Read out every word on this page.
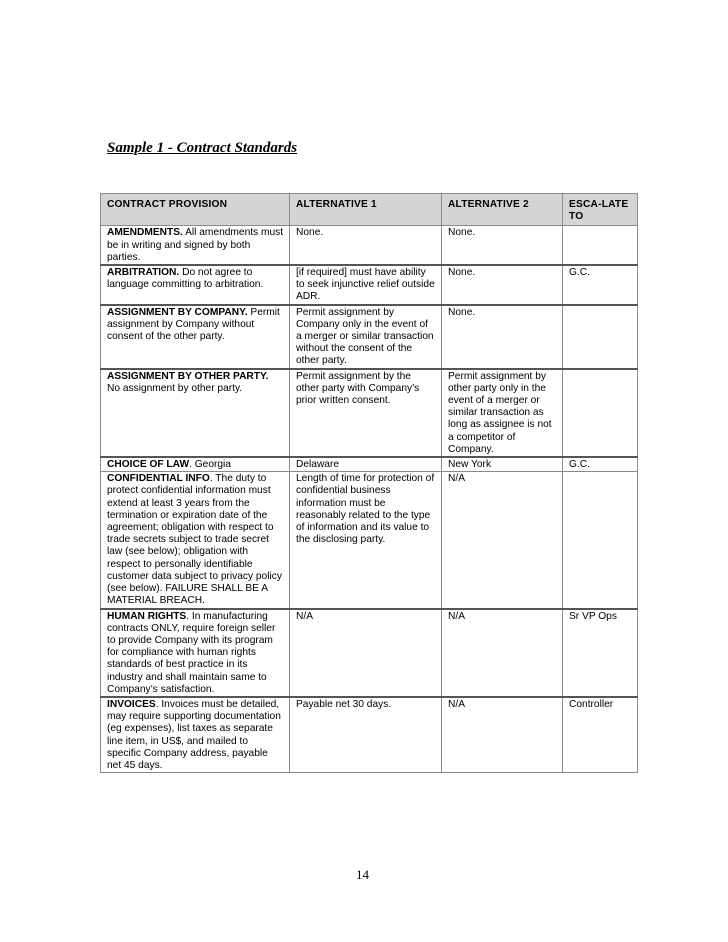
Sample 1 - Contract Standards

CONTRACT PROVISION	ALTERNATIVE 1	ALTERNATIVE 2	ESCA-LATE TO
AMENDMENTS. All amendments must be in writing and signed by both parties.	None.	None.	
ARBITRATION. Do not agree to language committing to arbitration.	[if required] must have ability to seek injunctive relief outside ADR.	None.	G.C.
ASSIGNMENT BY COMPANY. Permit assignment by Company without consent of the other party.	Permit assignment by Company only in the event of a merger or similar transaction without the consent of the other party.	None.	
ASSIGNMENT BY OTHER PARTY. No assignment by other party.	Permit assignment by the other party with Company’s prior written consent.	Permit assignment by other party only in the event of a merger or similar transaction as long as assignee is not a competitor of Company.	
CHOICE OF LAW. Georgia	Delaware	New York	G.C.
CONFIDENTIAL INFO. The duty to protect confidential information must extend at least 3 years from the termination or expiration date of the agreement; obligation with respect to trade secrets subject to trade secret law (see below); obligation with respect to personally identifiable customer data subject to privacy policy (see below). FAILURE SHALL BE A MATERIAL BREACH.	Length of time for protection of confidential business information must be reasonably related to the type of information and its value to the disclosing party.	N/A	
HUMAN RIGHTS. In manufacturing contracts ONLY, require foreign seller to provide Company with its program for compliance with human rights standards of best practice in its industry and shall maintain same to Company’s satisfaction.	N/A	N/A	Sr VP Ops
INVOICES. Invoices must be detailed, may require supporting documentation (eg expenses), list taxes as separate line item, in US$, and mailed to specific Company address, payable net 45 days.	Payable net 30 days.	N/A	Controller
14
